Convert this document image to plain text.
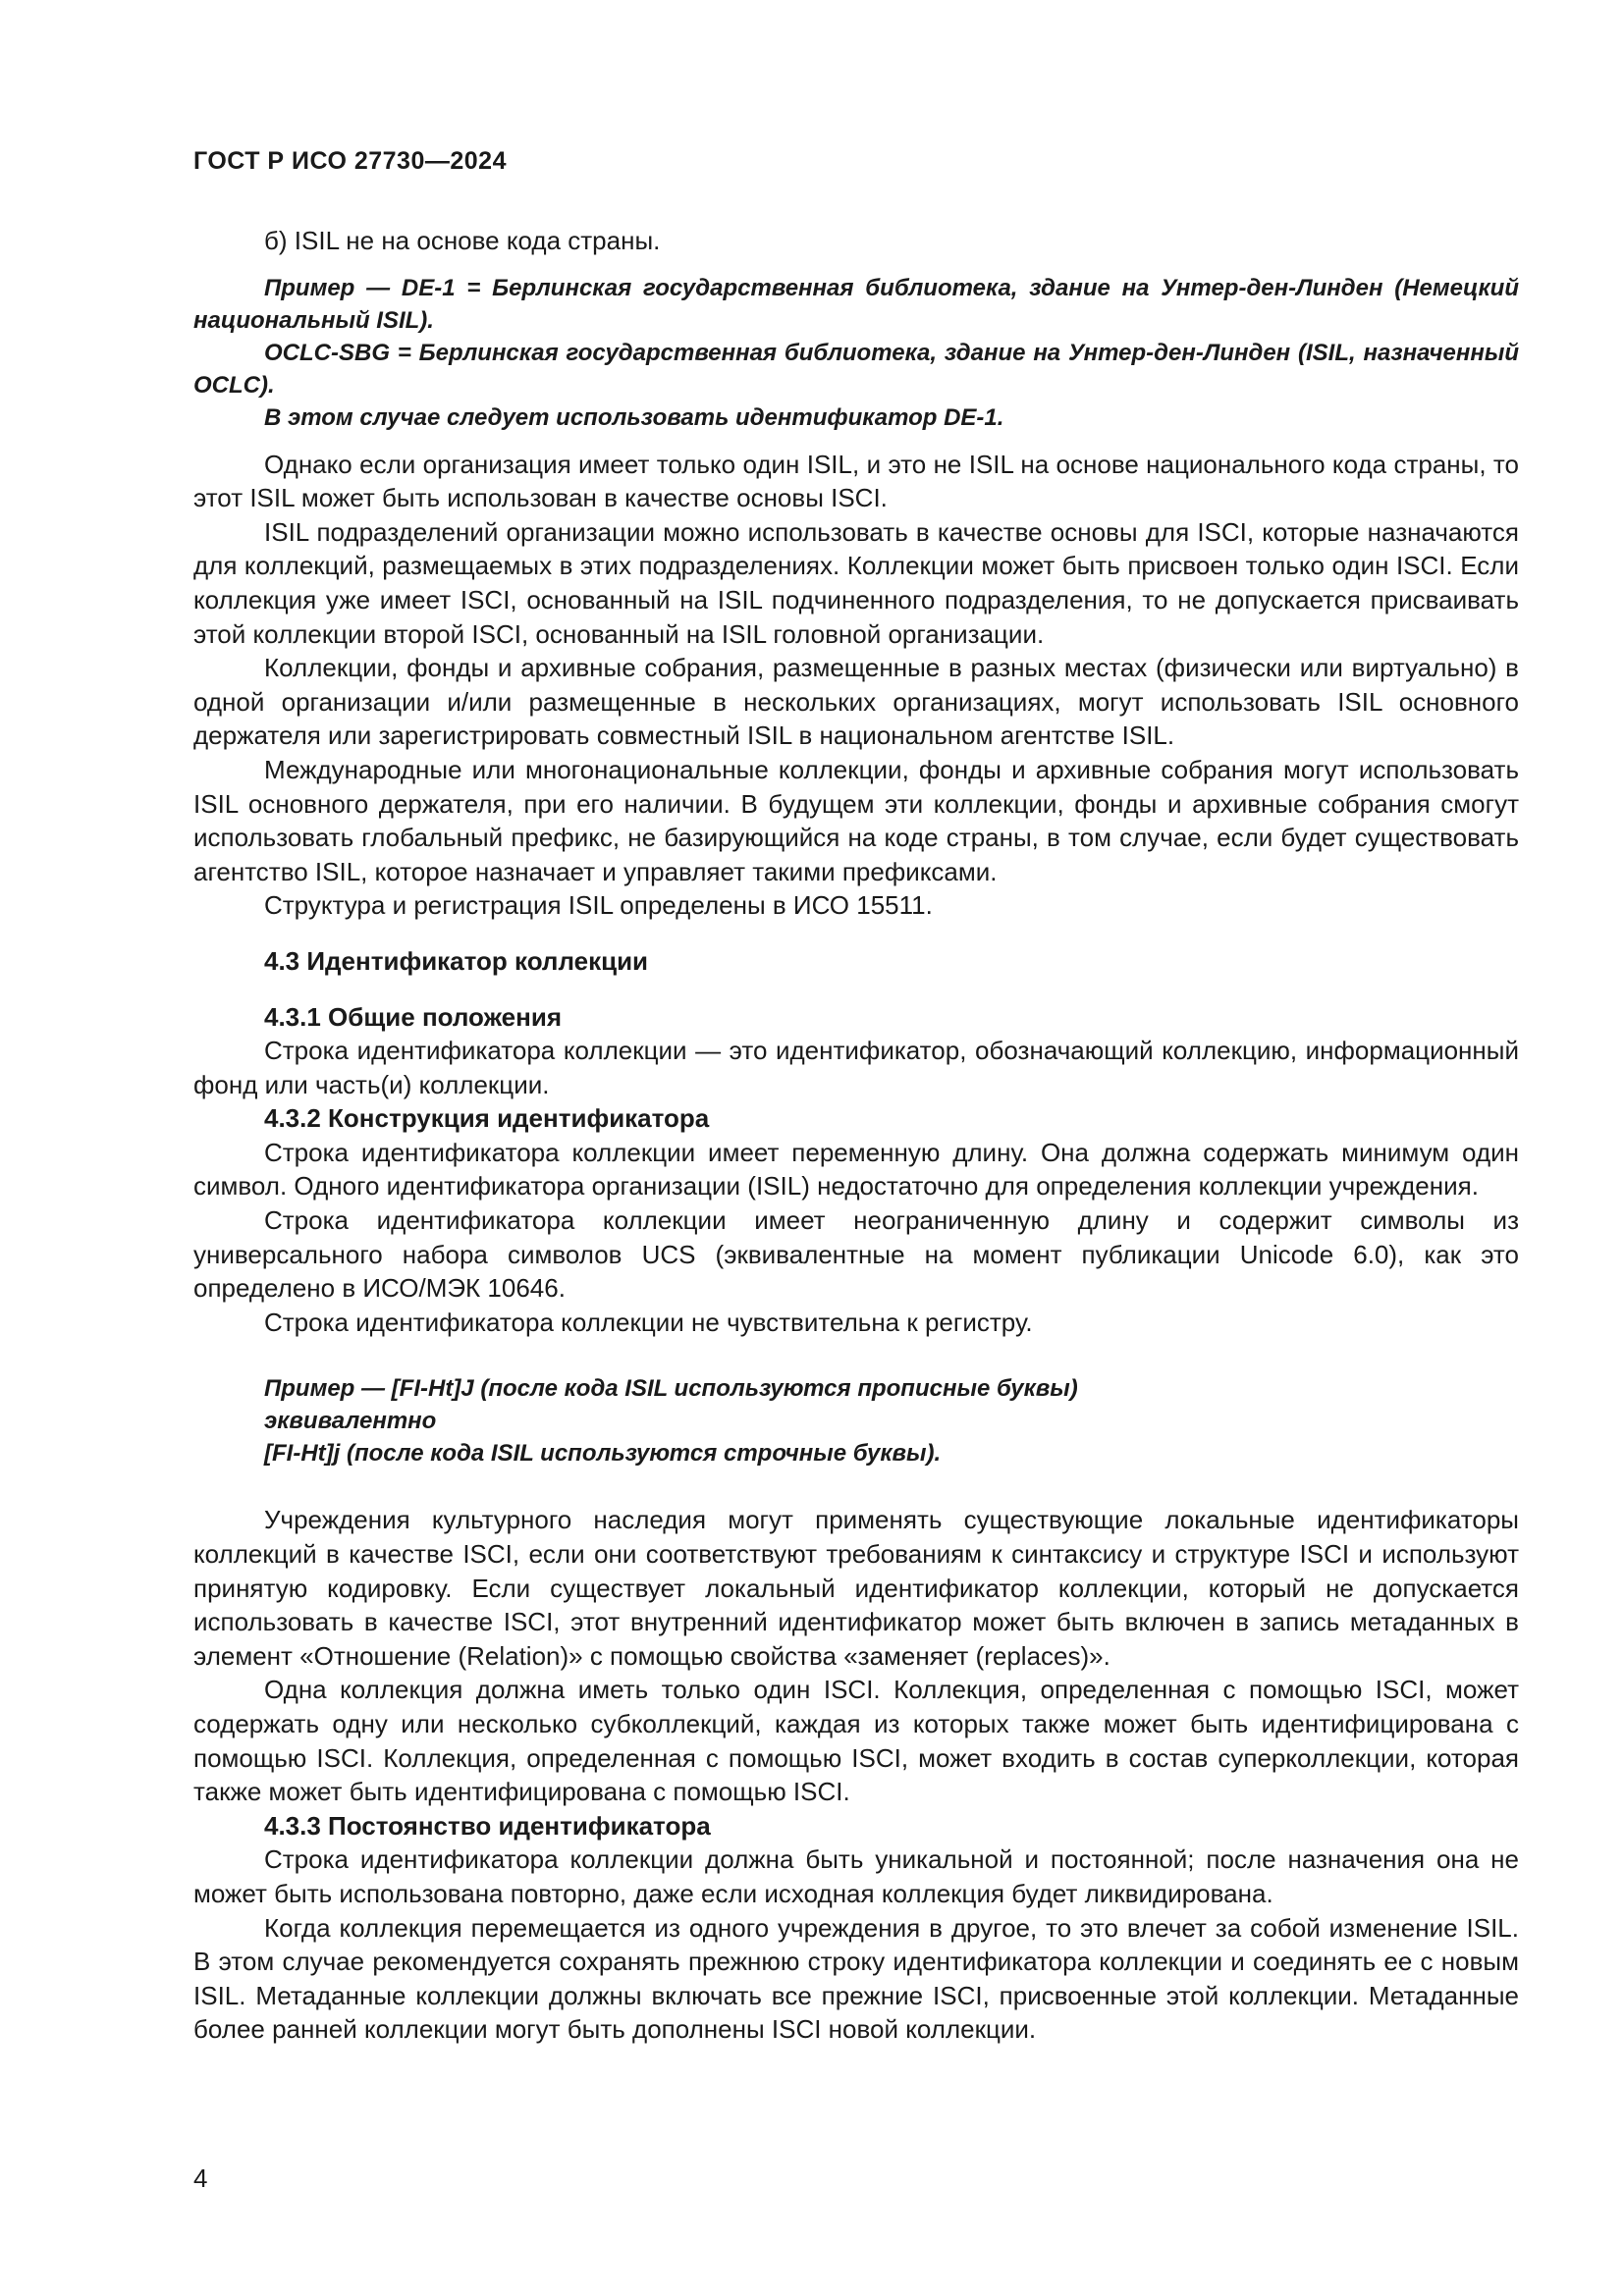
ГОСТ Р ИСО 27730—2024

б) ISIL не на основе кода страны.

Пример — DE-1 = Берлинская государственная библиотека, здание на Унтер-ден-Линден (Немецкий национальный ISIL).

OCLC-SBG = Берлинская государственная библиотека, здание на Унтер-ден-Линден (ISIL, назначенный OCLC).

В этом случае следует использовать идентификатор DE-1.

Однако если организация имеет только один ISIL, и это не ISIL на основе национального кода страны, то этот ISIL может быть использован в качестве основы ISCI.

ISIL подразделений организации можно использовать в качестве основы для ISCI, которые назначаются для коллекций, размещаемых в этих подразделениях. Коллекции может быть присвоен только один ISCI. Если коллекция уже имеет ISCI, основанный на ISIL подчиненного подразделения, то не допускается присваивать этой коллекции второй ISCI, основанный на ISIL головной организации.

Коллекции, фонды и архивные собрания, размещенные в разных местах (физически или виртуально) в одной организации и/или размещенные в нескольких организациях, могут использовать ISIL основного держателя или зарегистрировать совместный ISIL в национальном агентстве ISIL.

Международные или многонациональные коллекции, фонды и архивные собрания могут использовать ISIL основного держателя, при его наличии. В будущем эти коллекции, фонды и архивные собрания смогут использовать глобальный префикс, не базирующийся на коде страны, в том случае, если будет существовать агентство ISIL, которое назначает и управляет такими префиксами.

Структура и регистрация ISIL определены в ИСО 15511.

4.3 Идентификатор коллекции

4.3.1 Общие положения

Строка идентификатора коллекции — это идентификатор, обозначающий коллекцию, информационный фонд или часть(и) коллекции.

4.3.2 Конструкция идентификатора

Строка идентификатора коллекции имеет переменную длину. Она должна содержать минимум один символ. Одного идентификатора организации (ISIL) недостаточно для определения коллекции учреждения.

Строка идентификатора коллекции имеет неограниченную длину и содержит символы из универсального набора символов UCS (эквивалентные на момент публикации Unicode 6.0), как это определено в ИСО/МЭК 10646.

Строка идентификатора коллекции не чувствительна к регистру.

Пример — [FI-Ht]J (после кода ISIL используются прописные буквы)

эквивалентно

[FI-Ht]j (после кода ISIL используются строчные буквы).

Учреждения культурного наследия могут применять существующие локальные идентификаторы коллекций в качестве ISCI, если они соответствуют требованиям к синтаксису и структуре ISCI и используют принятую кодировку. Если существует локальный идентификатор коллекции, который не допускается использовать в качестве ISCI, этот внутренний идентификатор может быть включен в запись метаданных в элемент «Отношение (Relation)» с помощью свойства «заменяет (replaces)».

Одна коллекция должна иметь только один ISCI. Коллекция, определенная с помощью ISCI, может содержать одну или несколько субколлекций, каждая из которых также может быть идентифицирована с помощью ISCI. Коллекция, определенная с помощью ISCI, может входить в состав суперколлекции, которая также может быть идентифицирована с помощью ISCI.

4.3.3 Постоянство идентификатора

Строка идентификатора коллекции должна быть уникальной и постоянной; после назначения она не может быть использована повторно, даже если исходная коллекция будет ликвидирована.

Когда коллекция перемещается из одного учреждения в другое, то это влечет за собой изменение ISIL. В этом случае рекомендуется сохранять прежнюю строку идентификатора коллекции и соединять ее с новым ISIL. Метаданные коллекции должны включать все прежние ISCI, присвоенные этой коллекции. Метаданные более ранней коллекции могут быть дополнены ISCI новой коллекции.

4
